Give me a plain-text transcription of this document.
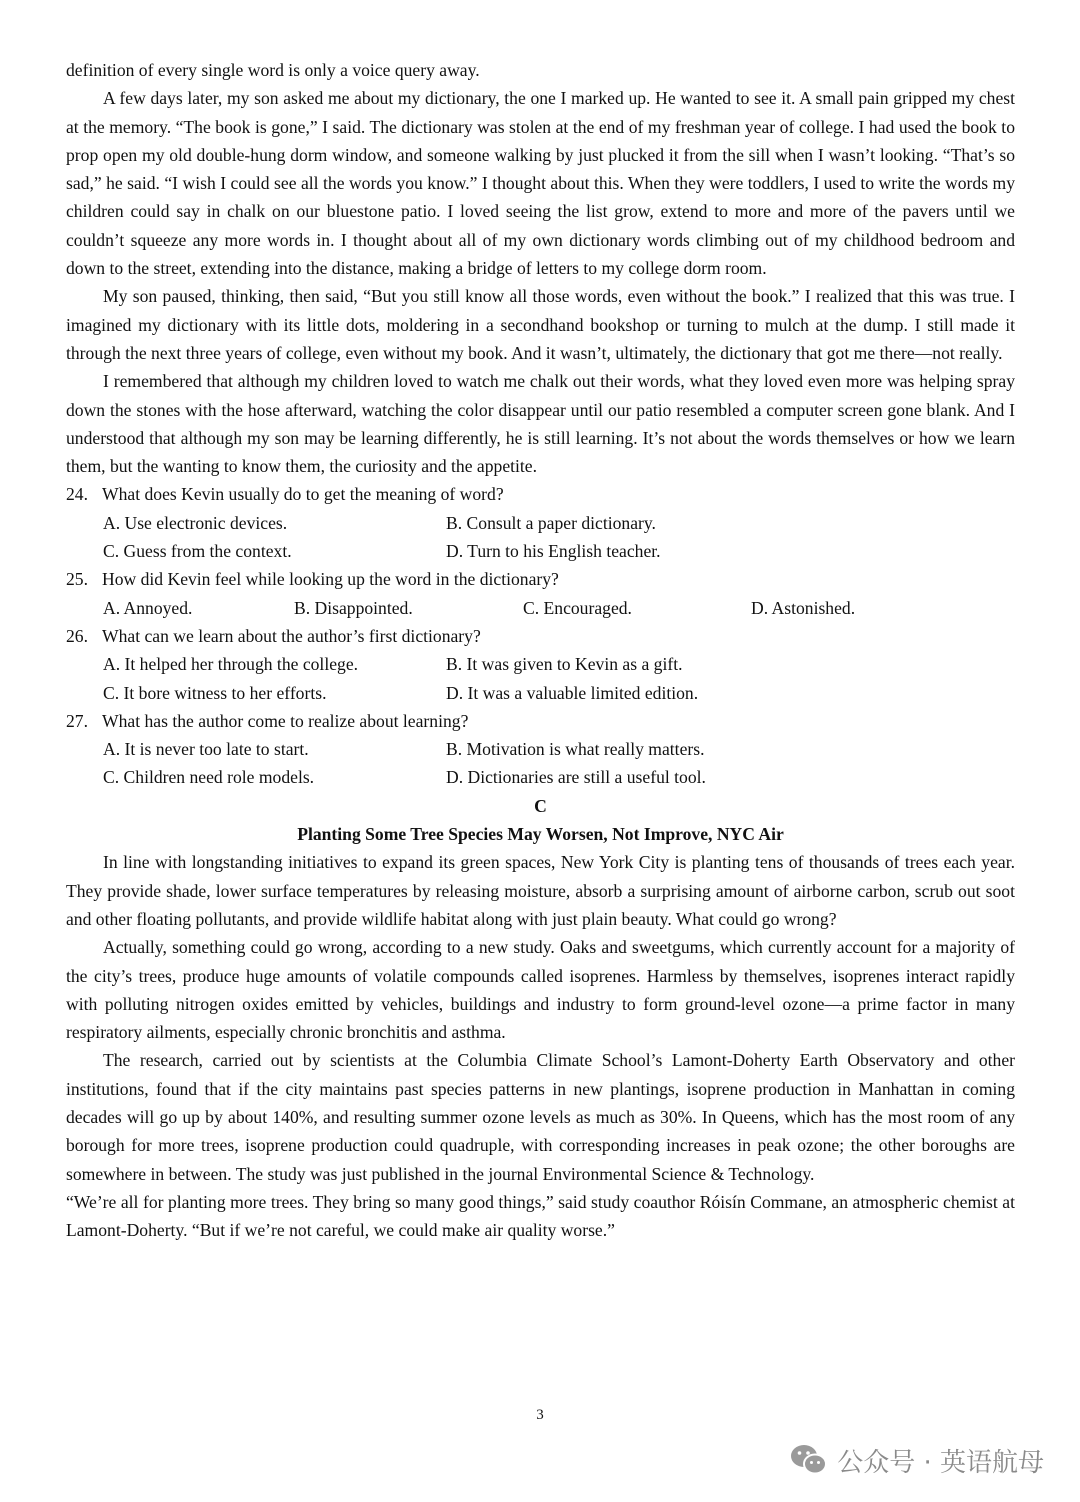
definition of every single word is only a voice query away.

A few days later, my son asked me about my dictionary, the one I marked up. He wanted to see it. A small pain gripped my chest at the memory. “The book is gone,” I said. The dictionary was stolen at the end of my freshman year of college. I had used the book to prop open my old double-hung dorm window, and someone walking by just plucked it from the sill when I wasn’t looking. “That’s so sad,” he said. “I wish I could see all the words you know.” I thought about this. When they were toddlers, I used to write the words my children could say in chalk on our bluestone patio. I loved seeing the list grow, extend to more and more of the pavers until we couldn’t squeeze any more words in. I thought about all of my own dictionary words climbing out of my childhood bedroom and down to the street, extending into the distance, making a bridge of letters to my college dorm room.

My son paused, thinking, then said, “But you still know all those words, even without the book.” I realized that this was true. I imagined my dictionary with its little dots, moldering in a secondhand bookshop or turning to mulch at the dump. I still made it through the next three years of college, even without my book. And it wasn’t, ultimately, the dictionary that got me there—not really.

I remembered that although my children loved to watch me chalk out their words, what they loved even more was helping spray down the stones with the hose afterward, watching the color disappear until our patio resembled a computer screen gone blank. And I understood that although my son may be learning differently, he is still learning. It’s not about the words themselves or how we learn them, but the wanting to know them, the curiosity and the appetite.

24. What does Kevin usually do to get the meaning of word?
A. Use electronic devices.	B. Consult a paper dictionary.
C. Guess from the context.	D. Turn to his English teacher.
25. How did Kevin feel while looking up the word in the dictionary?
A. Annoyed.	B. Disappointed.	C. Encouraged.	D. Astonished.
26. What can we learn about the author’s first dictionary?
A. It helped her through the college.	B. It was given to Kevin as a gift.
C. It bore witness to her efforts.	D. It was a valuable limited edition.
27. What has the author come to realize about learning?
A. It is never too late to start.	B. Motivation is what really matters.
C. Children need role models.	D. Dictionaries are still a useful tool.

C

Planting Some Tree Species May Worsen, Not Improve, NYC Air

In line with longstanding initiatives to expand its green spaces, New York City is planting tens of thousands of trees each year. They provide shade, lower surface temperatures by releasing moisture, absorb a surprising amount of airborne carbon, scrub out soot and other floating pollutants, and provide wildlife habitat along with just plain beauty. What could go wrong?

Actually, something could go wrong, according to a new study. Oaks and sweetgums, which currently account for a majority of the city’s trees, produce huge amounts of volatile compounds called isoprenes. Harmless by themselves, isoprenes interact rapidly with polluting nitrogen oxides emitted by vehicles, buildings and industry to form ground-level ozone—a prime factor in many respiratory ailments, especially chronic bronchitis and asthma.

The research, carried out by scientists at the Columbia Climate School’s Lamont-Doherty Earth Observatory and other institutions, found that if the city maintains past species patterns in new plantings, isoprene production in Manhattan in coming decades will go up by about 140%, and resulting summer ozone levels as much as 30%. In Queens, which has the most room of any borough for more trees, isoprene production could quadruple, with corresponding increases in peak ozone; the other boroughs are somewhere in between. The study was just published in the journal Environmental Science & Technology.

“We’re all for planting more trees. They bring so many good things,” said study coauthor Róisín Commane, an atmospheric chemist at Lamont-Doherty. “But if we’re not careful, we could make air quality worse.”

3
公众号 · 英语航母
